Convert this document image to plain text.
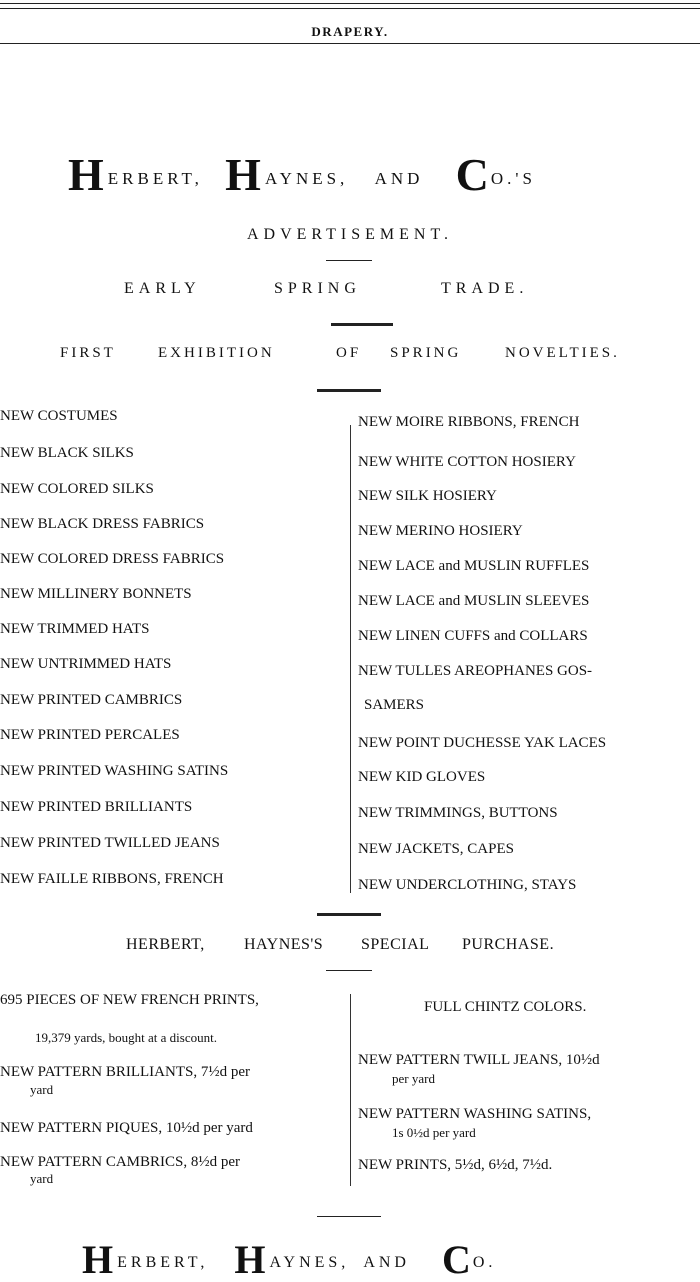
DRAPERY.
HERBERT, H AYNES, AND C O.'S
ADVERTISEMENT.
EARLY	SPRING	TRADE.
FIRST	EXHIBITION	OF SPRING	NOVELTIES.
NEW COSTUMES
NEW BLACK SILKS
NEW COLORED SILKS
NEW BLACK DRESS FABRICS
NEW COLORED DRESS FABRICS
NEW MILLINERY BONNETS
NEW TRIMMED HATS
NEW UNTRIMMED HATS
NEW PRINTED CAMBRICS
NEW PRINTED PERCALES
NEW PRINTED WASHING SATINS
NEW PRINTED BRILLIANTS
NEW PRINTED TWILLED JEANS
NEW FAILLE RIBBONS, FRENCH
NEW MOIRE RIBBONS, FRENCH
NEW WHITE COTTON HOSIERY
NEW SILK HOSIERY
NEW MERINO HOSIERY
NEW LACE and MUSLIN RUFFLES
NEW LACE and MUSLIN SLEEVES
NEW LINEN CUFFS and COLLARS
NEW TULLES AREOPHANES GOS-
SAMERS
NEW POINT DUCHESSE YAK LACES
NEW KID GLOVES
NEW TRIMMINGS, BUTTONS
NEW JACKETS, CAPES
NEW UNDERCLOTHING, STAYS
HERBERT, HAYNES'S SPECIAL PURCHASE.
695 PIECES OF NEW FRENCH PRINTS,
19,379 yards, bought at a discount.
NEW PATTERN BRILLIANTS, 7½d per
yard
NEW PATTERN PIQUES, 10½d per yard
NEW PATTERN CAMBRICS, 8½d per
yard
FULL CHINTZ COLORS.
NEW PATTERN TWILL JEANS, 10½d
per yard
NEW PATTERN WASHING SATINS,
1s 0½d per yard
NEW PRINTS, 5½d, 6½d, 7½d.
HERBERT, H AYNES, AND C O.
